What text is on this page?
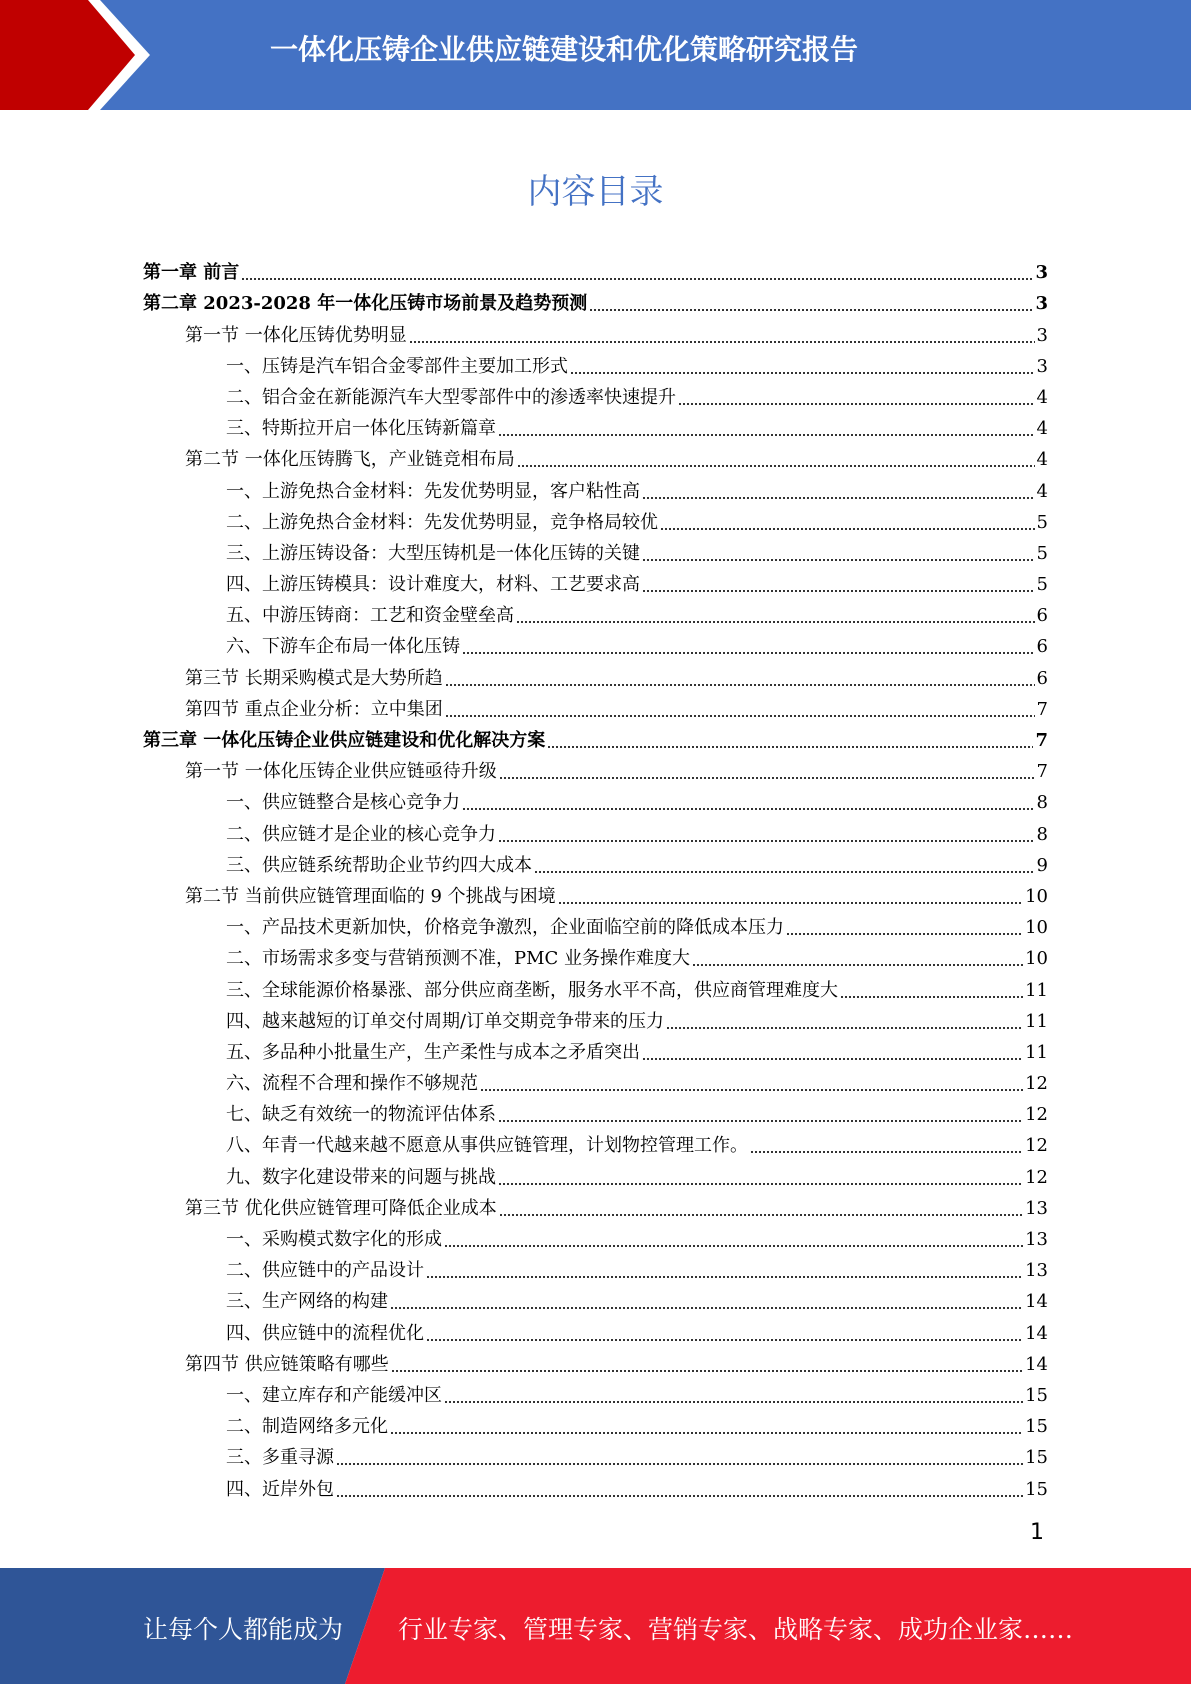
一体化压铸企业供应链建设和优化策略研究报告
内容目录
第一章 前言	3
第二章 2023-2028 年一体化压铸市场前景及趋势预测	3
第一节 一体化压铸优势明显	3
一、压铸是汽车铝合金零部件主要加工形式	3
二、铝合金在新能源汽车大型零部件中的渗透率快速提升	4
三、特斯拉开启一体化压铸新篇章	4
第二节 一体化压铸腾飞，产业链竞相布局	4
一、上游免热合金材料：先发优势明显，客户粘性高	4
二、上游免热合金材料：先发优势明显，竞争格局较优	5
三、上游压铸设备：大型压铸机是一体化压铸的关键	5
四、上游压铸模具：设计难度大，材料、工艺要求高	5
五、中游压铸商：工艺和资金壁垒高	6
六、下游车企布局一体化压铸	6
第三节 长期采购模式是大势所趋	6
第四节 重点企业分析：立中集团	7
第三章 一体化压铸企业供应链建设和优化解决方案	7
第一节 一体化压铸企业供应链亟待升级	7
一、供应链整合是核心竞争力	8
二、供应链才是企业的核心竞争力	8
三、供应链系统帮助企业节约四大成本	9
第二节 当前供应链管理面临的 9 个挑战与困境	10
一、产品技术更新加快，价格竞争激烈，企业面临空前的降低成本压力	10
二、市场需求多变与营销预测不准，PMC 业务操作难度大	10
三、全球能源价格暴涨、部分供应商垄断，服务水平不高，供应商管理难度大	11
四、越来越短的订单交付周期/订单交期竞争带来的压力	11
五、多品种小批量生产，生产柔性与成本之矛盾突出	11
六、流程不合理和操作不够规范	12
七、缺乏有效统一的物流评估体系	12
八、年青一代越来越不愿意从事供应链管理，计划物控管理工作。	12
九、数字化建设带来的问题与挑战	12
第三节 优化供应链管理可降低企业成本	13
一、采购模式数字化的形成	13
二、供应链中的产品设计	13
三、生产网络的构建	14
四、供应链中的流程优化	14
第四节 供应链策略有哪些	14
一、建立库存和产能缓冲区	15
二、制造网络多元化	15
三、多重寻源	15
四、近岸外包	15
1
让每个人都能成为 行业专家、管理专家、营销专家、战略专家、成功企业家……
